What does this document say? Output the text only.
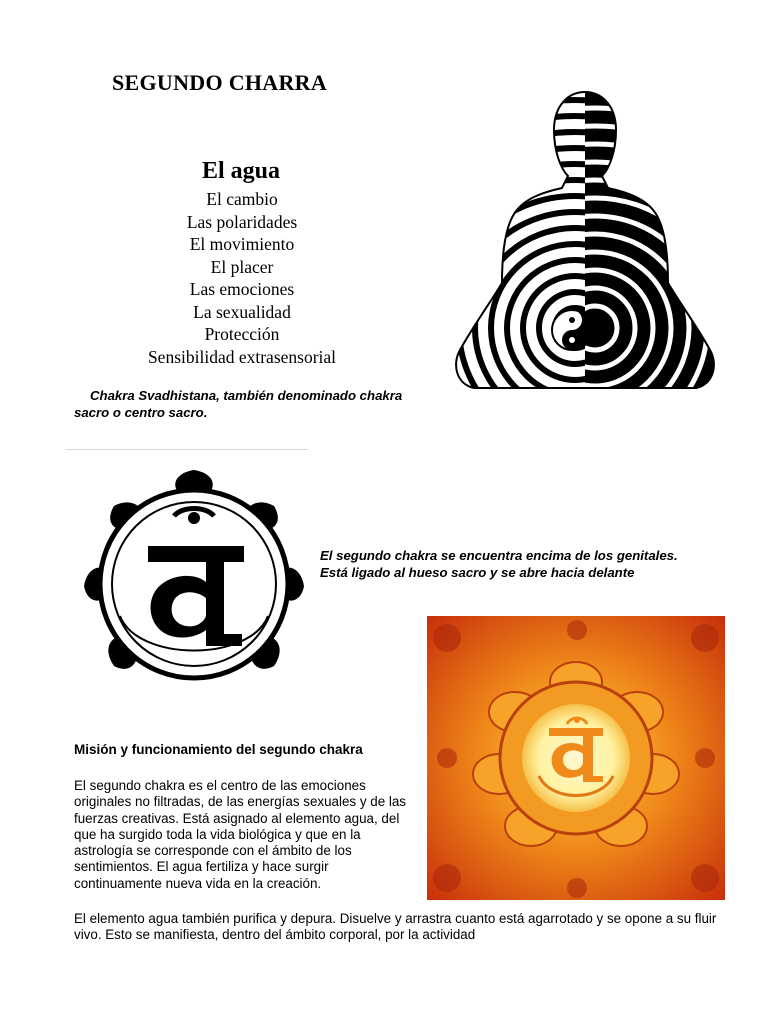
SEGUNDO CHARRA
El agua
El cambio
Las polaridades
El movimiento
El placer
Las emociones
La sexualidad
Protección
Sensibilidad extrasensorial
Chakra Svadhistana, también denominado chakra sacro o centro sacro.
El segundo chakra se encuentra encima de los genitales. Está ligado al hueso sacro y se abre hacia delante
Misión y funcionamiento del segundo chakra
El segundo chakra es el centro de las emociones originales no filtradas, de las energías sexuales y de las fuerzas creativas. Está asignado al elemento agua, del que ha surgido toda la vida biológica y que en la astrología se corresponde con el ámbito de los sentimientos. El agua fertiliza y hace surgir continuamente nueva vida en la creación.
El elemento agua también purifica y depura. Disuelve y arrastra cuanto está agarrotado y se opone a su fluir vivo. Esto se manifiesta, dentro del ámbito corporal, por la actividad
